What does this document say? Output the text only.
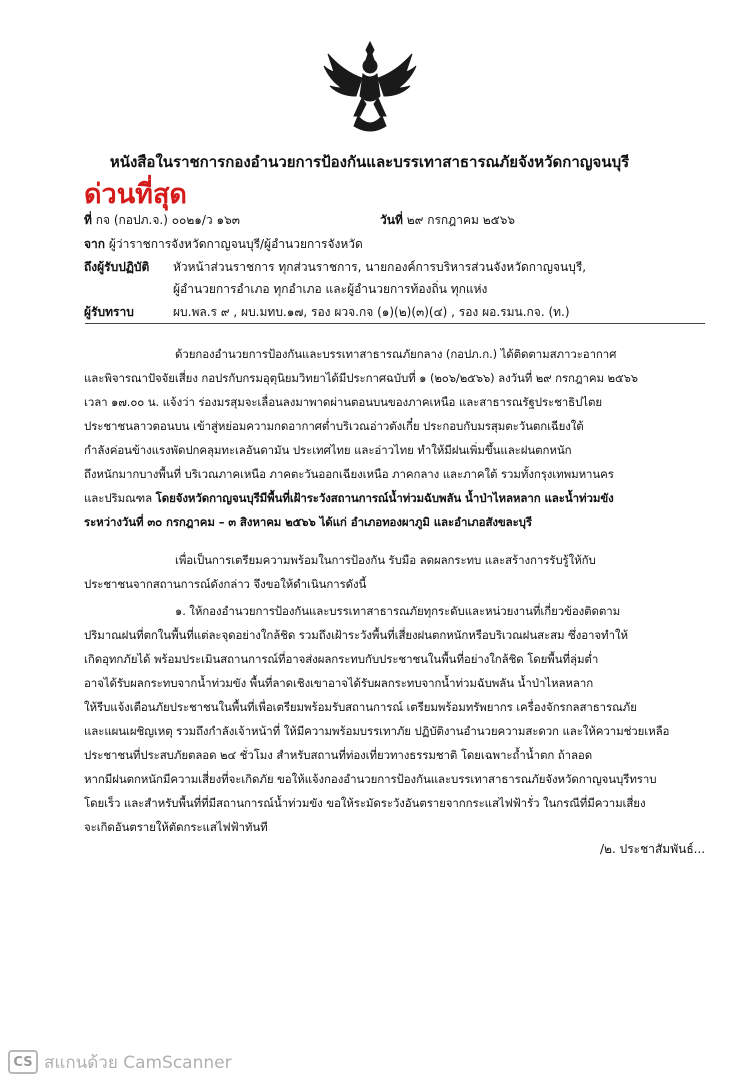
หนังสือในราชการกองอำนวยการป้องกันและบรรเทาสาธารณภัยจังหวัดกาญจนบุรี
ด่วนที่สุด
ที่ กจ (กอปภ.จ.) ๐๐๒๑/ว ๑๖๓	วันที่ ๒๙ กรกฎาคม ๒๕๖๖
จาก ผู้ว่าราชการจังหวัดกาญจนบุรี/ผู้อำนวยการจังหวัด
ถึงผู้รับปฏิบัติ หัวหน้าส่วนราชการ ทุกส่วนราชการ, นายกองค์การบริหารส่วนจังหวัดกาญจนบุรี,
ผู้อำนวยการอำเภอ ทุกอำเภอ และผู้อำนวยการท้องถิ่น ทุกแห่ง
ผู้รับทราบ	ผบ.พล.ร ๙ , ผบ.มทบ.๑๗, รอง ผวจ.กจ (๑)(๒)(๓)(๔) , รอง ผอ.รมน.กจ. (ท.)
ด้วยกองอำนวยการป้องกันและบรรเทาสาธารณภัยกลาง (กอปภ.ก.) ได้ติดตามสภาวะอากาศ
และพิจารณาปัจจัยเสี่ยง กอปรกับกรมอุตุนิยมวิทยาได้มีประกาศฉบับที่ ๑ (๒๐๖/๒๕๖๖) ลงวันที่ ๒๙ กรกฎาคม ๒๕๖๖
เวลา ๑๗.๐๐ น. แจ้งว่า ร่องมรสุมจะเลื่อนลงมาพาดผ่านตอนบนของภาคเหนือ และสาธารณรัฐประชาธิปไตย
ประชาชนลาวตอนบน เข้าสู่หย่อมความกดอากาศต่ำบริเวณอ่าวตังเกี๋ย ประกอบกับมรสุมตะวันตกเฉียงใต้
กำลังค่อนข้างแรงพัดปกคลุมทะเลอันดามัน ประเทศไทย และอ่าวไทย ทำให้มีฝนเพิ่มขึ้นและฝนตกหนัก
ถึงหนักมากบางพื้นที่ บริเวณภาคเหนือ ภาคตะวันออกเฉียงเหนือ ภาคกลาง และภาคใต้ รวมทั้งกรุงเทพมหานคร
และปริมณฑล โดยจังหวัดกาญจนบุรีมีพื้นที่เฝ้าระวังสถานการณ์น้ำท่วมฉับพลัน น้ำป่าไหลหลาก และน้ำท่วมขัง
ระหว่างวันที่ ๓๐ กรกฎาคม – ๓ สิงหาคม ๒๕๖๖ ได้แก่ อำเภอทองผาภูมิ และอำเภอสังขละบุรี
เพื่อเป็นการเตรียมความพร้อมในการป้องกัน รับมือ ลดผลกระทบ และสร้างการรับรู้ให้กับ
ประชาชนจากสถานการณ์ดังกล่าว จึงขอให้ดำเนินการดังนี้
๑. ให้กองอำนวยการป้องกันและบรรเทาสาธารณภัยทุกระดับและหน่วยงานที่เกี่ยวข้องติดตาม
ปริมาณฝนที่ตกในพื้นที่แต่ละจุดอย่างใกล้ชิด รวมถึงเฝ้าระวังพื้นที่เสี่ยงฝนตกหนักหรือบริเวณฝนสะสม ซึ่งอาจทำให้
เกิดอุทกภัยได้ พร้อมประเมินสถานการณ์ที่อาจส่งผลกระทบกับประชาชนในพื้นที่อย่างใกล้ชิด โดยพื้นที่ลุ่มต่ำ
อาจได้รับผลกระทบจากน้ำท่วมขัง พื้นที่ลาดเชิงเขาอาจได้รับผลกระทบจากน้ำท่วมฉับพลัน น้ำป่าไหลหลาก
ให้รีบแจ้งเตือนภัยประชาชนในพื้นที่เพื่อเตรียมพร้อมรับสถานการณ์ เตรียมพร้อมทรัพยากร เครื่องจักรกลสาธารณภัย
และแผนเผชิญเหตุ รวมถึงกำลังเจ้าหน้าที่ ให้มีความพร้อมบรรเทาภัย ปฏิบัติงานอำนวยความสะดวก และให้ความช่วยเหลือ
ประชาชนที่ประสบภัยตลอด ๒๔ ชั่วโมง สำหรับสถานที่ท่องเที่ยวทางธรรมชาติ โดยเฉพาะถ้ำน้ำตก ถ้าลอด
หากมีฝนตกหนักมีความเสี่ยงที่จะเกิดภัย ขอให้แจ้งกองอำนวยการป้องกันและบรรเทาสาธารณภัยจังหวัดกาญจนบุรีทราบ
โดยเร็ว และสำหรับพื้นที่ที่มีสถานการณ์น้ำท่วมขัง ขอให้ระมัดระวังอันตรายจากกระแสไฟฟ้ารั่ว ในกรณีที่มีความเสี่ยง
จะเกิดอันตรายให้ตัดกระแสไฟฟ้าทันที
/๒. ประชาสัมพันธ์...
CS สแกนด้วย CamScanner
